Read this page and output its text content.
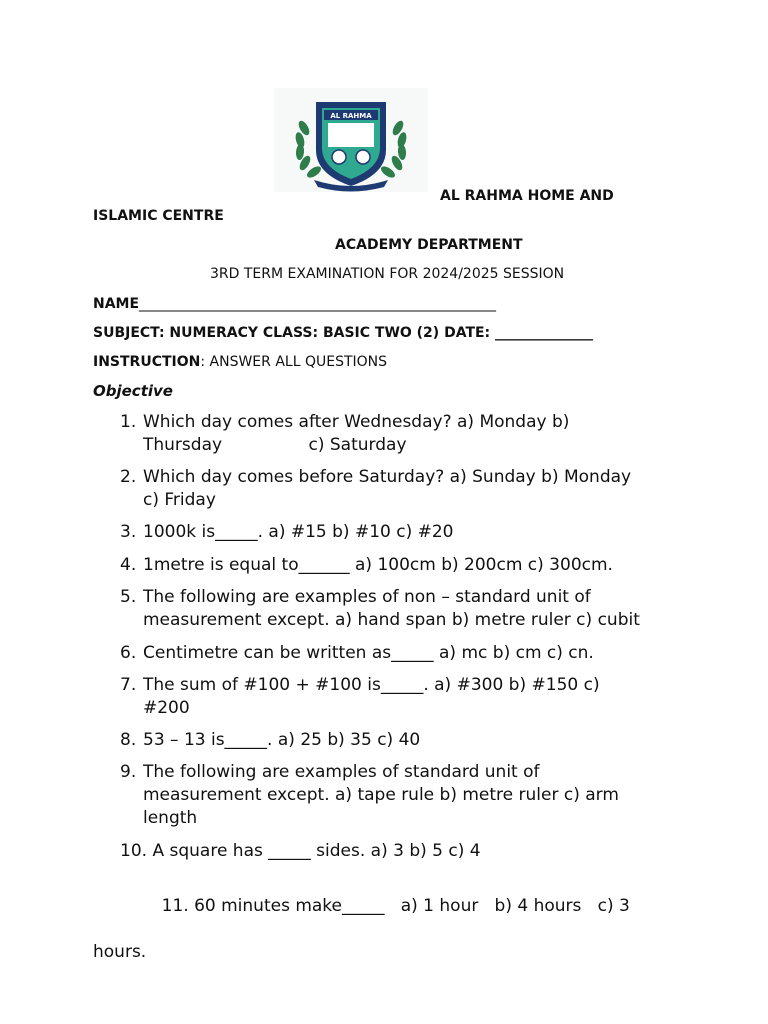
AL RAHMA
AL RAHMA HOME AND
ISLAMIC CENTRE
ACADEMY DEPARTMENT
3RD TERM EXAMINATION FOR 2024/2025 SESSION
NAME___________________________________________________
SUBJECT: NUMERACY CLASS: BASIC TWO (2) DATE: ______________
INSTRUCTION: ANSWER ALL QUESTIONS
Objective
1. Which day comes after Wednesday? a) Monday b)
Thursday                c) Saturday
2. Which day comes before Saturday? a) Sunday b) Monday
c) Friday
3. 1000k is_____. a) #15 b) #10 c) #20
4. 1metre is equal to______ a) 100cm b) 200cm c) 300cm.
5. The following are examples of non – standard unit of
measurement except. a) hand span b) metre ruler c) cubit
6. Centimetre can be written as_____ a) mc b) cm c) cn.
7. The sum of #100 + #100 is_____. a) #300 b) #150 c)
#200
8. 53 – 13 is_____. a) 25 b) 35 c) 40
9. The following are examples of standard unit of
measurement except. a) tape rule b) metre ruler c) arm
length
10. A square has _____ sides. a) 3 b) 5 c) 4

11. 60 minutes make_____   a) 1 hour   b) 4 hours   c) 3

hours.
